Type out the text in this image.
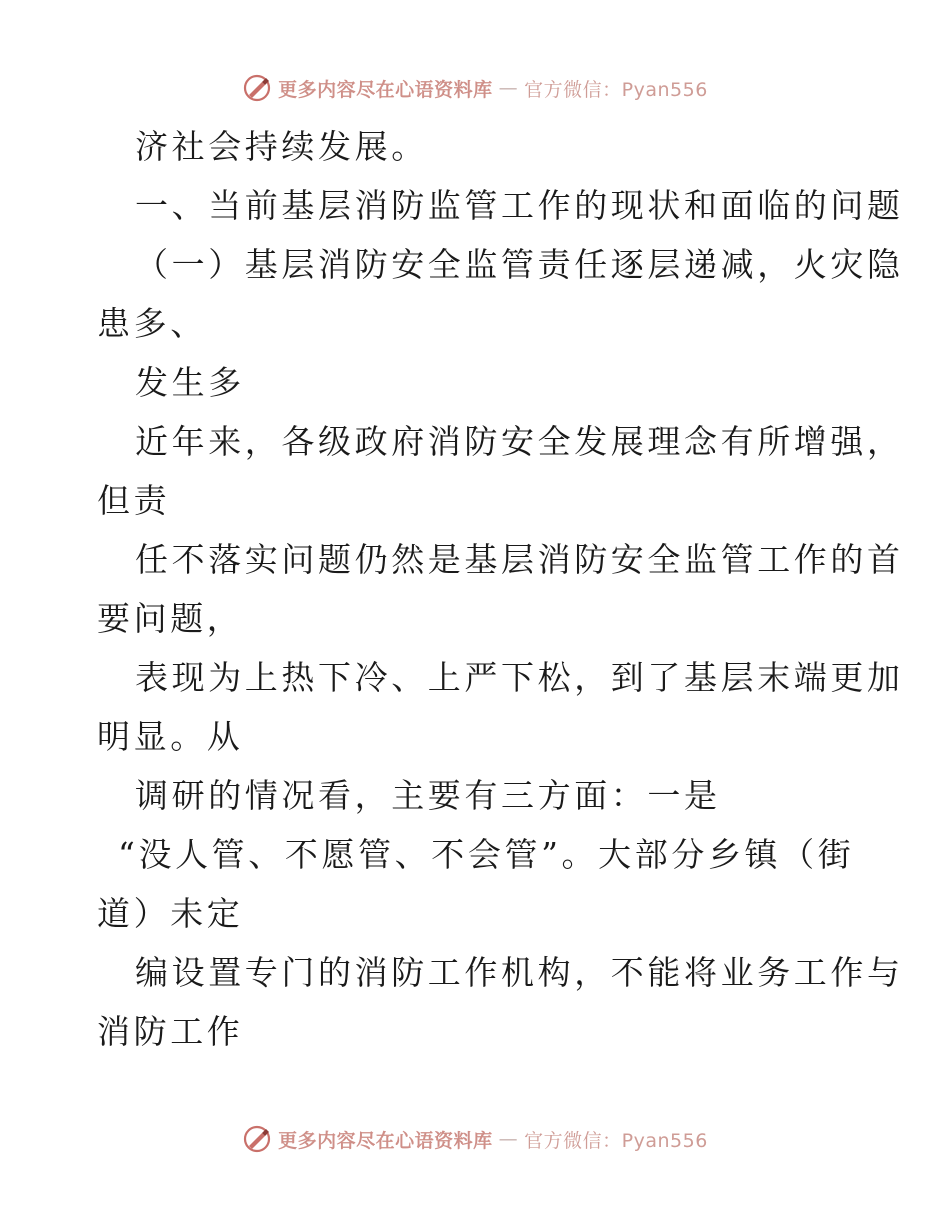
更多内容尽在心语资料库 — 官方微信：Pyan556
济社会持续发展。
一、当前基层消防监管工作的现状和面临的问题
（一）基层消防安全监管责任逐层递减，火灾隐
患多、
发生多
近年来，各级政府消防安全发展理念有所增强，
但责
任不落实问题仍然是基层消防安全监管工作的首
要问题，
表现为上热下冷、上严下松，到了基层末端更加
明显。从
调研的情况看，主要有三方面：一是
“没人管、不愿管、不会管”。大部分乡镇（街
道）未定
编设置专门的消防工作机构，不能将业务工作与
消防工作
更多内容尽在心语资料库 — 官方微信：Pyan556
